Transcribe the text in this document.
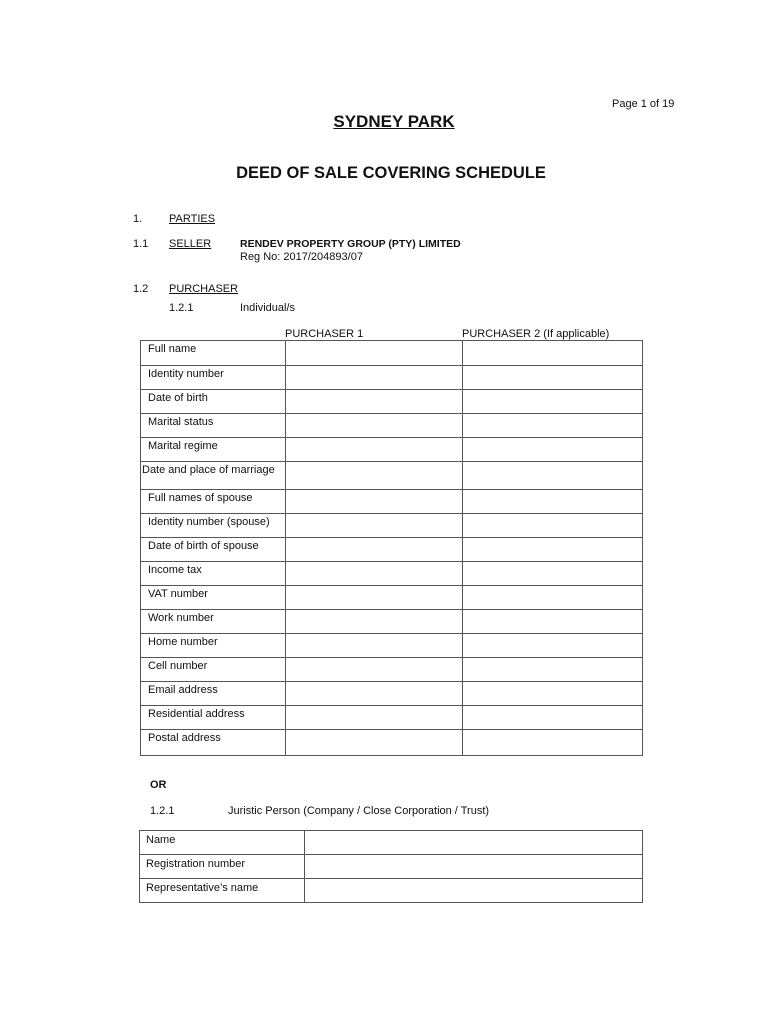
Page 1 of 19
SYDNEY PARK
DEED OF SALE COVERING SCHEDULE
1. PARTIES
1.1 SELLER	RENDEV PROPERTY GROUP (PTY) LIMITED
Reg No: 2017/204893/07
1.2 PURCHASER
1.2.1	Individual/s
PURCHASER 1	PURCHASER 2 (If applicable)
Full name		
Identity number		
Date of birth		
Marital status		
Marital regime		
Date and place of marriage		
Full names of spouse		
Identity number (spouse)		
Date of birth of spouse		
Income tax		
VAT number		
Work number		
Home number		
Cell number		
Email address		
Residential address		
Postal address		
OR
1.2.1	Juristic Person (Company / Close Corporation / Trust)
Name	
Registration number	
Representative’s name	
